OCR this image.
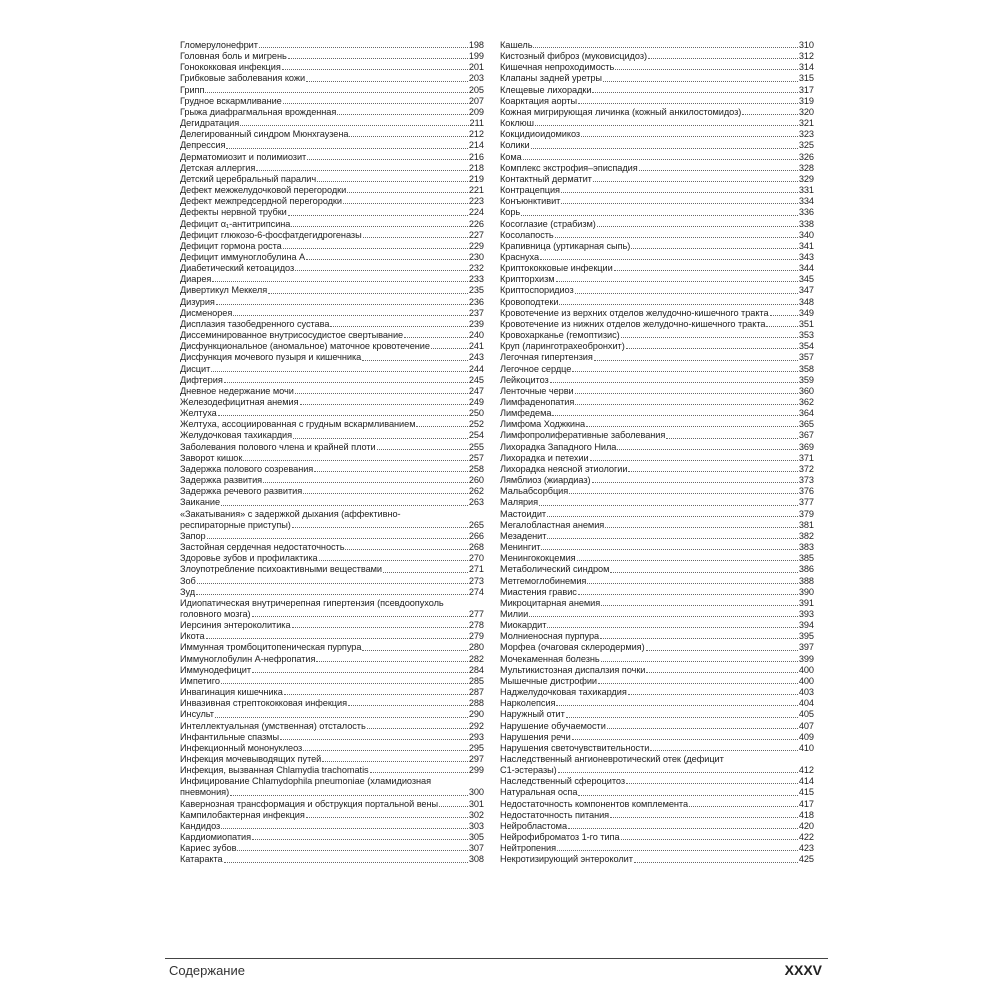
Гломерулонефрит	198
Головная боль и мигрень	199
Гонококковая инфекция	201
Грибковые заболевания кожи	203
Грипп	205
Грудное вскармливание	207
Грыжа диафрагмальная врожденная	209
Дегидратация	211
Делегированный синдром Мюнхгаузена	212
Депрессия	214
Дерматомиозит и полимиозит	216
Детская аллергия	218
Детский церебральный паралич	219
Дефект межжелудочковой перегородки	221
Дефект межпредсердной перегородки	223
Дефекты нервной трубки	224
Дефицит α₁-антитрипсина	226
Дефицит глюкозо-6-фосфатдегидрогеназы	227
Дефицит гормона роста	229
Дефицит иммуноглобулина А	230
Диабетический кетоацидоз	232
Диарея	233
Дивертикул Меккеля	235
Дизурия	236
Дисменорея	237
Дисплазия тазобедренного сустава	239
Диссеминированное внутрисосудистое свертывание	240
Дисфункциональное (аномальное) маточное кровотечение	241
Дисфункция мочевого пузыря и кишечника	243
Дисцит	244
Дифтерия	245
Дневное недержание мочи	247
Железодефицитная анемия	249
Желтуха	250
Желтуха, ассоциированная с грудным вскармливанием	252
Желудочковая тахикардия	254
Заболевания полового члена и крайней плоти	255
Заворот кишок	257
Задержка полового созревания	258
Задержка развития	260
Задержка речевого развития	262
Заикание	263
«Закатывания» с задержкой дыхания (аффективно-
респираторные приступы)	265
Запор	266
Застойная сердечная недостаточность	268
Здоровье зубов и профилактика	270
Злоупотребление психоактивными веществами	271
Зоб	273
Зуд	274
Идиопатическая внутричерепная гипертензия (псевдоопухоль
головного мозга)	277
Иерсиния энтероколитика	278
Икота	279
Иммунная тромбоцитопеническая пурпура	280
Иммуноглобулин А-нефропатия	282
Иммунодефицит	284
Импетиго	285
Инвагинация кишечника	287
Инвазивная стрептококковая инфекция	288
Инсульт	290
Интеллектуальная (умственная) отсталость	292
Инфантильные спазмы	293
Инфекционный мононуклеоз	295
Инфекция мочевыводящих путей	297
Инфекция, вызванная Chlamydia trachomatis	299
Инфицирование Chlamydophila pneumoniae (хламидиозная
пневмония)	300
Кавернозная трансформация и обструкция портальной вены	301
Кампилобактерная инфекция	302
Кандидоз	303
Кардиомиопатия	305
Кариес зубов	307
Катаракта	308
Кашель	310
Кистозный фиброз (муковисцидоз)	312
Кишечная непроходимость	314
Клапаны задней уретры	315
Клещевые лихорадки	317
Коарктация аорты	319
Кожная мигрирующая личинка (кожный анкилостомидоз)	320
Коклюш	321
Кокцидиоидомикоз	323
Колики	325
Кома	326
Комплекс экстрофия–эписпадия	328
Контактный дерматит	329
Контрацепция	331
Конъюнктивит	334
Корь	336
Косоглазие (страбизм)	338
Косолапость	340
Крапивница (уртикарная сыпь)	341
Краснуха	343
Криптококковые инфекции	344
Крипторхизм	345
Криптоспоридиоз	347
Кровоподтеки	348
Кровотечение из верхних отделов желудочно-кишечного тракта	349
Кровотечение из нижних отделов желудочно-кишечного тракта	351
Кровохарканье (гемоптизис)	353
Круп (ларинготрахеобронхит)	354
Легочная гипертензия	357
Легочное сердце	358
Лейкоцитоз	359
Ленточные черви	360
Лимфаденопатия	362
Лимфедема	364
Лимфома Ходжкина	365
Лимфопролиферативные заболевания	367
Лихорадка Западного Нила	369
Лихорадка и петехии	371
Лихорадка неясной этиологии	372
Лямблиоз (жиардиаз)	373
Мальабсорбция	376
Малярия	377
Мастоидит	379
Мегалобластная анемия	381
Мезаденит	382
Менингит	383
Менингококцемия	385
Метаболический синдром	386
Метгемоглобинемия	388
Миастения гравис	390
Микроцитарная анемия	391
Милии	393
Миокардит	394
Молниеносная пурпура	395
Морфеа (очаговая склеродермия)	397
Мочекаменная болезнь	399
Мультикистозная диспалзия почки	400
Мышечные дистрофии	400
Наджелудочковая тахикардия	403
Нарколепсия	404
Наружный отит	405
Нарушение обучаемости	407
Нарушения речи	409
Нарушения светочувствительности	410
Наследственный ангионевротический отек (дефицит
С1-эстеразы)	412
Наследственный сфероцитоз	414
Натуральная оспа	415
Недостаточность компонентов комплемента	417
Недостаточность питания	418
Нейробластома	420
Нейрофиброматоз 1-го типа	422
Нейтропения	423
Некротизирующий энтероколит	425
Содержание	XXXV
